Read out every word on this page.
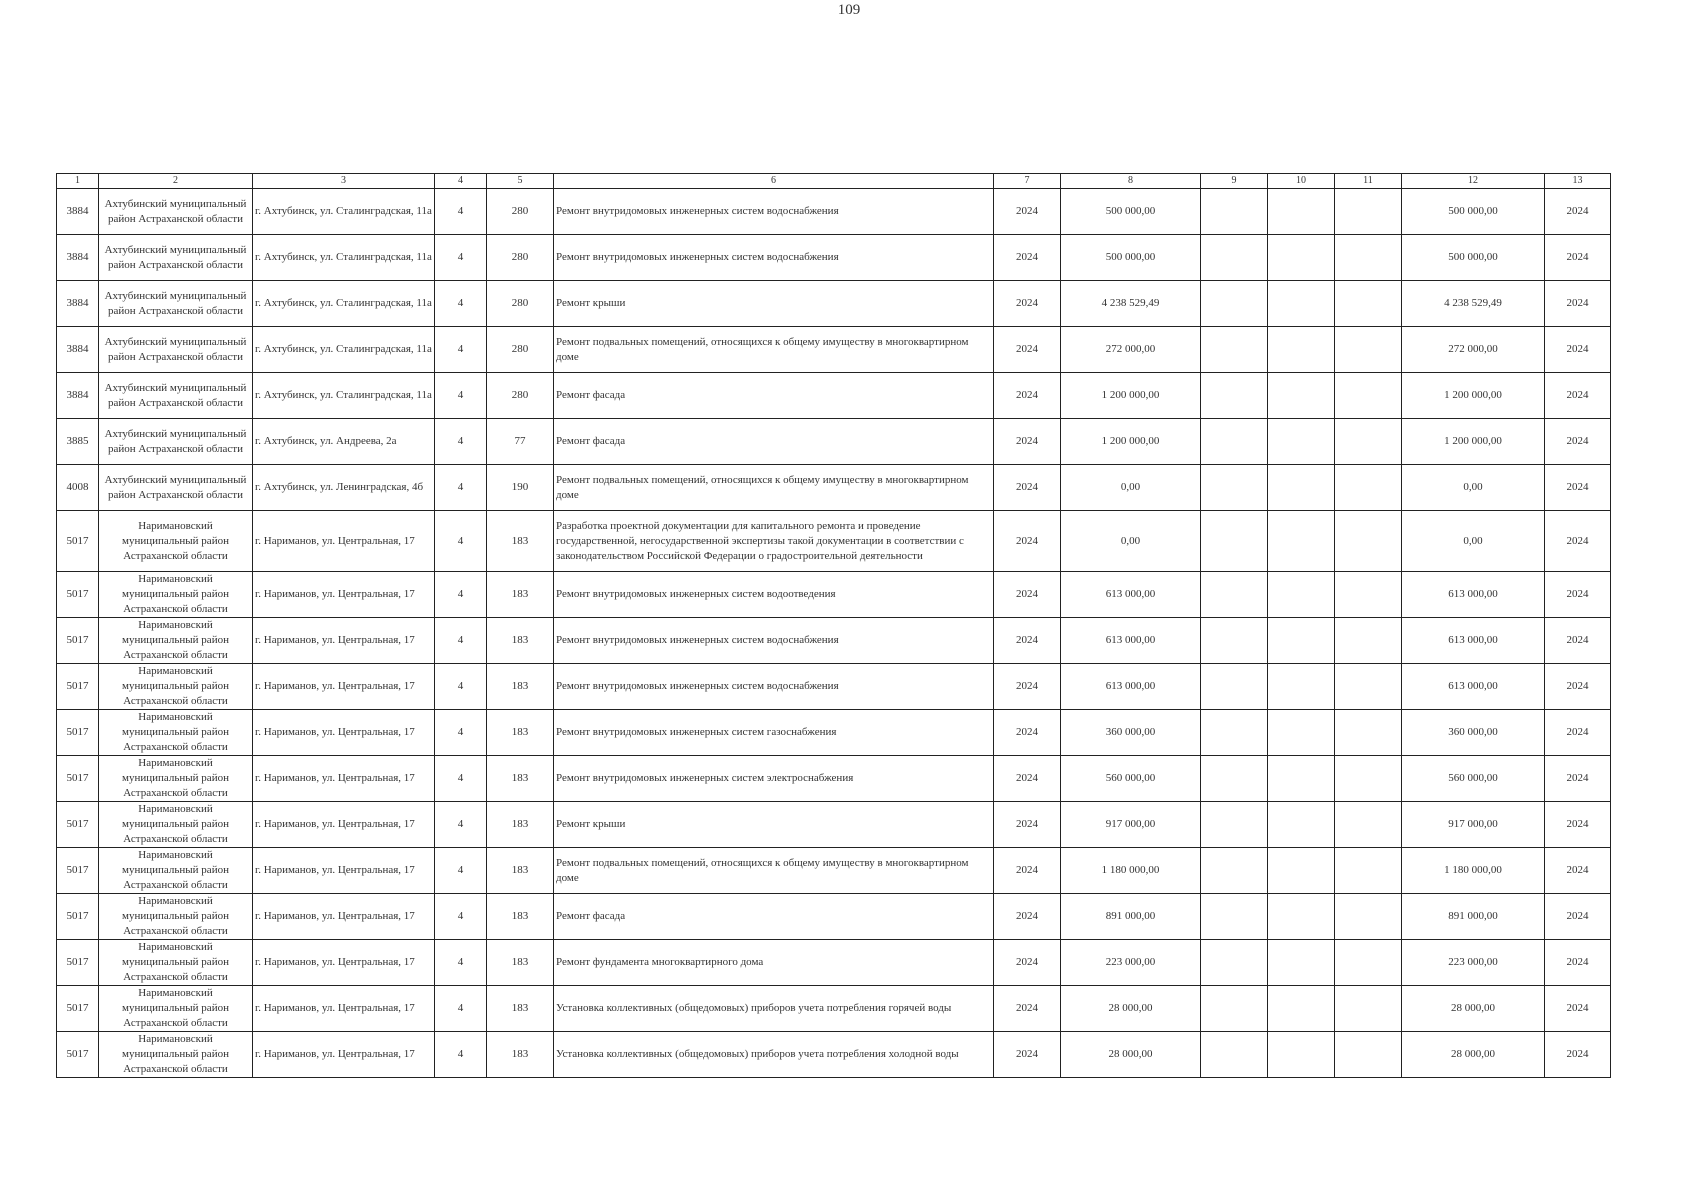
109
1	2	3	4	5	6	7	8	9	10	11	12	13
3884	Ахтубинский муниципальный район Астраханской области	г. Ахтубинск, ул. Сталинградская, 11а	4	280	Ремонт внутридомовых инженерных систем водоснабжения	2024	500 000,00				500 000,00	2024
3884	Ахтубинский муниципальный район Астраханской области	г. Ахтубинск, ул. Сталинградская, 11а	4	280	Ремонт внутридомовых инженерных систем водоснабжения	2024	500 000,00				500 000,00	2024
3884	Ахтубинский муниципальный район Астраханской области	г. Ахтубинск, ул. Сталинградская, 11а	4	280	Ремонт крыши	2024	4 238 529,49				4 238 529,49	2024
3884	Ахтубинский муниципальный район Астраханской области	г. Ахтубинск, ул. Сталинградская, 11а	4	280	Ремонт подвальных помещений, относящихся к общему имуществу в многоквартирном доме	2024	272 000,00				272 000,00	2024
3884	Ахтубинский муниципальный район Астраханской области	г. Ахтубинск, ул. Сталинградская, 11а	4	280	Ремонт фасада	2024	1 200 000,00				1 200 000,00	2024
3885	Ахтубинский муниципальный район Астраханской области	г. Ахтубинск, ул. Андреева, 2а	4	77	Ремонт фасада	2024	1 200 000,00				1 200 000,00	2024
4008	Ахтубинский муниципальный район Астраханской области	г. Ахтубинск, ул. Ленинградская, 4б	4	190	Ремонт подвальных помещений, относящихся к общему имуществу в многоквартирном доме	2024	0,00				0,00	2024
5017	Наримановский муниципальный район Астраханской области	г. Нариманов, ул. Центральная, 17	4	183	Разработка проектной документации для капитального ремонта и проведение государственной, негосударственной экспертизы такой документации в соответствии с законодательством Российской Федерации о градостроительной деятельности	2024	0,00				0,00	2024
5017	Наримановский муниципальный район Астраханской области	г. Нариманов, ул. Центральная, 17	4	183	Ремонт внутридомовых инженерных систем водоотведения	2024	613 000,00				613 000,00	2024
5017	Наримановский муниципальный район Астраханской области	г. Нариманов, ул. Центральная, 17	4	183	Ремонт внутридомовых инженерных систем водоснабжения	2024	613 000,00				613 000,00	2024
5017	Наримановский муниципальный район Астраханской области	г. Нариманов, ул. Центральная, 17	4	183	Ремонт внутридомовых инженерных систем водоснабжения	2024	613 000,00				613 000,00	2024
5017	Наримановский муниципальный район Астраханской области	г. Нариманов, ул. Центральная, 17	4	183	Ремонт внутридомовых инженерных систем газоснабжения	2024	360 000,00				360 000,00	2024
5017	Наримановский муниципальный район Астраханской области	г. Нариманов, ул. Центральная, 17	4	183	Ремонт внутридомовых инженерных систем электроснабжения	2024	560 000,00				560 000,00	2024
5017	Наримановский муниципальный район Астраханской области	г. Нариманов, ул. Центральная, 17	4	183	Ремонт крыши	2024	917 000,00				917 000,00	2024
5017	Наримановский муниципальный район Астраханской области	г. Нариманов, ул. Центральная, 17	4	183	Ремонт подвальных помещений, относящихся к общему имуществу в многоквартирном доме	2024	1 180 000,00				1 180 000,00	2024
5017	Наримановский муниципальный район Астраханской области	г. Нариманов, ул. Центральная, 17	4	183	Ремонт фасада	2024	891 000,00				891 000,00	2024
5017	Наримановский муниципальный район Астраханской области	г. Нариманов, ул. Центральная, 17	4	183	Ремонт фундамента многоквартирного дома	2024	223 000,00				223 000,00	2024
5017	Наримановский муниципальный район Астраханской области	г. Нариманов, ул. Центральная, 17	4	183	Установка коллективных (общедомовых) приборов учета потребления горячей воды	2024	28 000,00				28 000,00	2024
5017	Наримановский муниципальный район Астраханской области	г. Нариманов, ул. Центральная, 17	4	183	Установка коллективных (общедомовых) приборов учета потребления холодной воды	2024	28 000,00				28 000,00	2024
